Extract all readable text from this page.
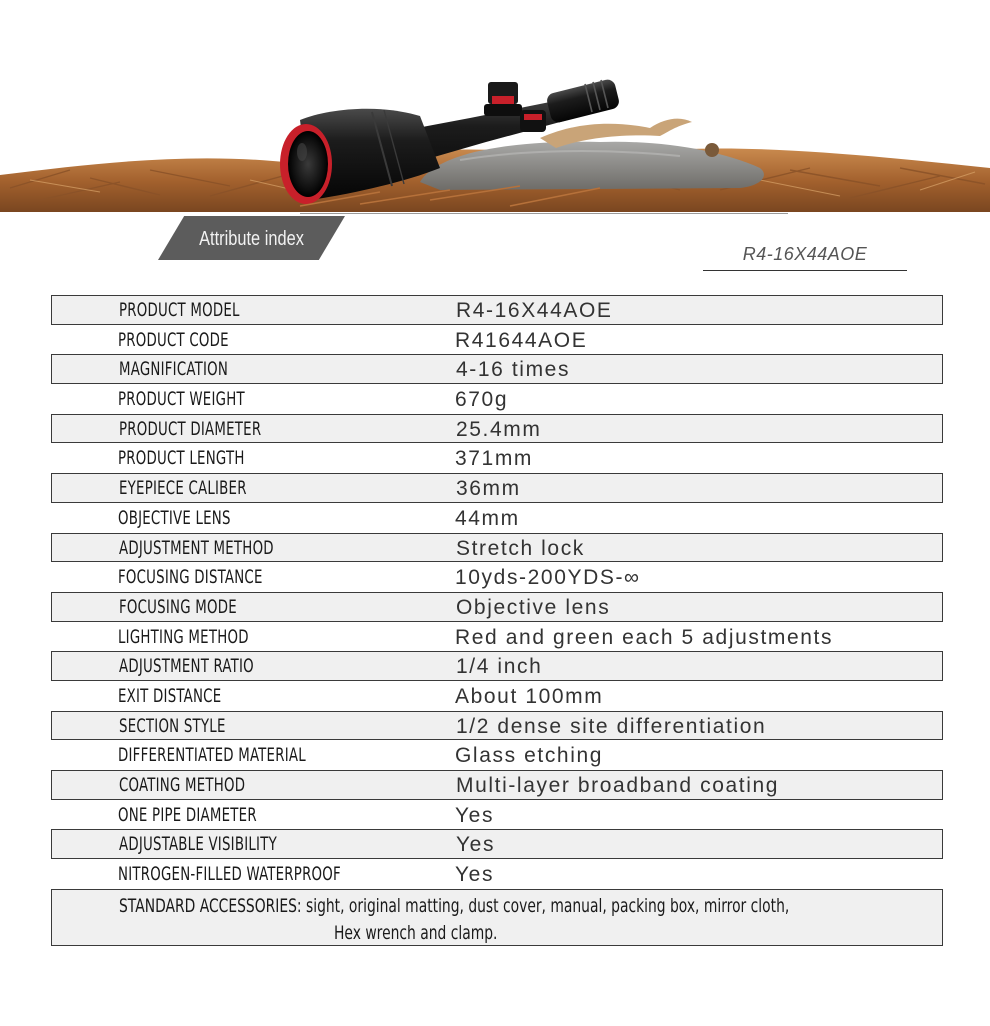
Attribute index
R4-16X44AOE
PRODUCT MODEL	R4-16X44AOE
PRODUCT CODE	R41644AOE
MAGNIFICATION	4-16 times
PRODUCT WEIGHT	670g
PRODUCT DIAMETER	25.4mm
PRODUCT LENGTH	371mm
EYEPIECE CALIBER	36mm
OBJECTIVE LENS	44mm
ADJUSTMENT METHOD	Stretch lock
FOCUSING DISTANCE	10yds-200YDS-∞
FOCUSING MODE	Objective lens
LIGHTING METHOD	Red and green each 5 adjustments
ADJUSTMENT RATIO	1/4 inch
EXIT DISTANCE	About 100mm
SECTION STYLE	1/2 dense site differentiation
DIFFERENTIATED MATERIAL	Glass etching
COATING METHOD	Multi-layer broadband coating
ONE PIPE DIAMETER	Yes
ADJUSTABLE VISIBILITY	Yes
NITROGEN-FILLED WATERPROOF	Yes
STANDARD ACCESSORIES: sight, original matting, dust cover, manual, packing box, mirror cloth,
Hex wrench and clamp.
